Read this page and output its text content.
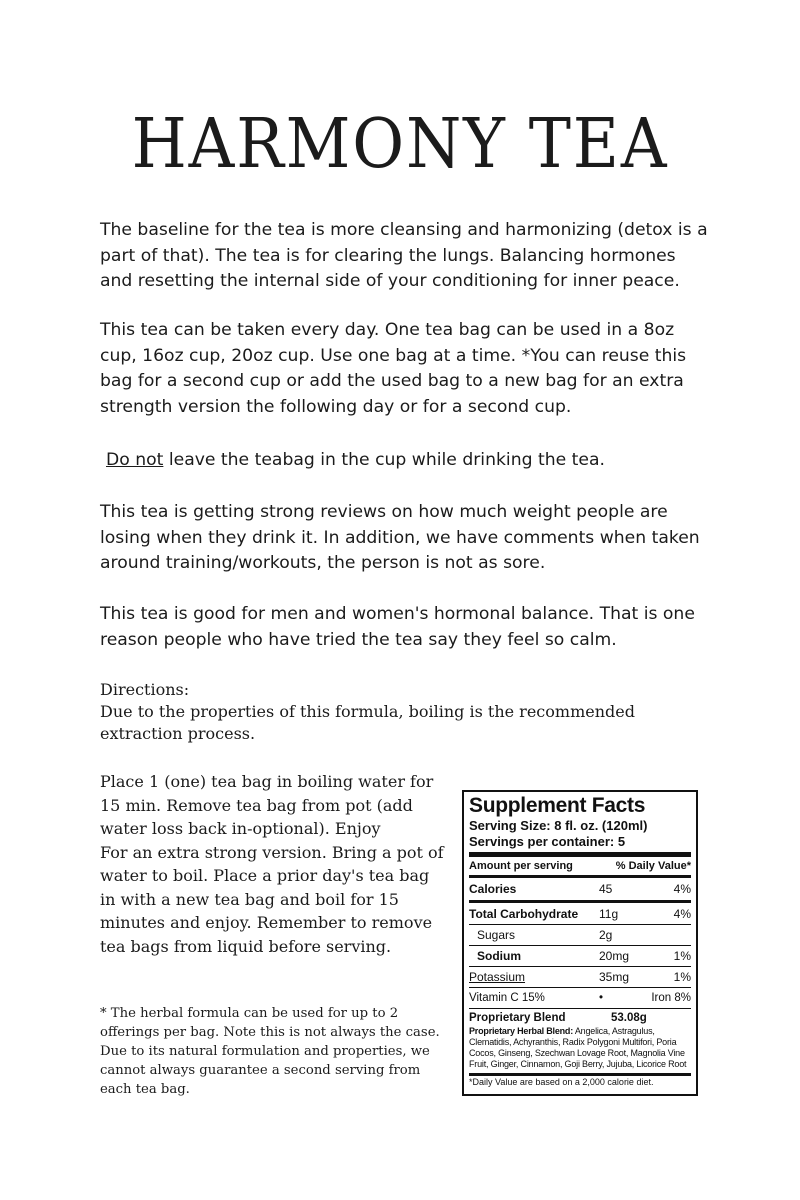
HARMONY TEA

The baseline for the tea is more cleansing and harmonizing (detox is a part of that). The tea is for clearing the lungs. Balancing hormones and resetting the internal side of your conditioning for inner peace.

This tea can be taken every day. One tea bag can be used in a 8oz cup, 16oz cup, 20oz cup. Use one bag at a time. *You can reuse this bag for a second cup or add the used bag to a new bag for an extra strength version the following day or for a second cup.

Do not leave the teabag in the cup while drinking the tea.

This tea is getting strong reviews on how much weight people are losing when they drink it. In addition, we have comments when taken around training/workouts, the person is not as sore.

This tea is good for men and women's hormonal balance. That is one reason people who have tried the tea say they feel so calm.

Directions:
Due to the properties of this formula, boiling is the recommended extraction process.
Place 1 (one) tea bag in boiling water for 15 min. Remove tea bag from pot (add water loss back in-optional). Enjoy
For an extra strong version. Bring a pot of water to boil. Place a prior day's tea bag in with a new tea bag and boil for 15 minutes and enjoy. Remember to remove tea bags from liquid before serving.

* The herbal formula can be used for up to 2 offerings per bag. Note this is not always the case. Due to its natural formulation and properties, we cannot always guarantee a second serving from each tea bag.

Supplement Facts
Serving Size: 8 fl. oz. (120ml)
Servings per container: 5
Amount per serving	% Daily Value*
Calories	45	4%
Total Carbohydrate	11g	4%
Sugars	2g
Sodium	20mg	1%
Potassium	35mg	1%
Vitamin C 15%	•	Iron 8%
Proprietary Blend	53.08g
Proprietary Herbal Blend: Angelica, Astragulus, Clematidis, Achyranthis, Radix Polygoni Multifori, Poria Cocos, Ginseng, Szechwan Lovage Root, Magnolia Vine Fruit, Ginger, Cinnamon, Goji Berry, Jujuba, Licorice Root
*Daily Value are based on a 2,000 calorie diet.
